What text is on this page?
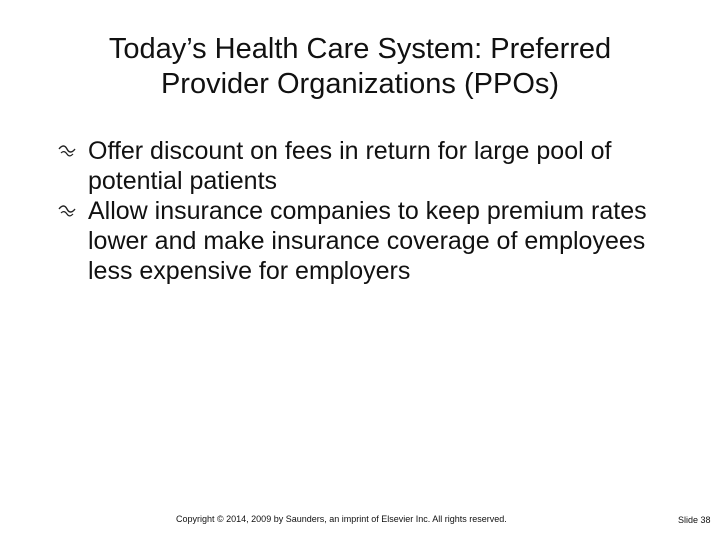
Today’s Health Care System: Preferred
Provider Organizations (PPOs)
Offer discount on fees in return for large pool of potential patients
Allow insurance companies to keep premium rates lower and make insurance coverage of employees less expensive for employers
Copyright © 2014, 2009 by Saunders, an imprint of Elsevier Inc. All rights reserved.	Slide 38
